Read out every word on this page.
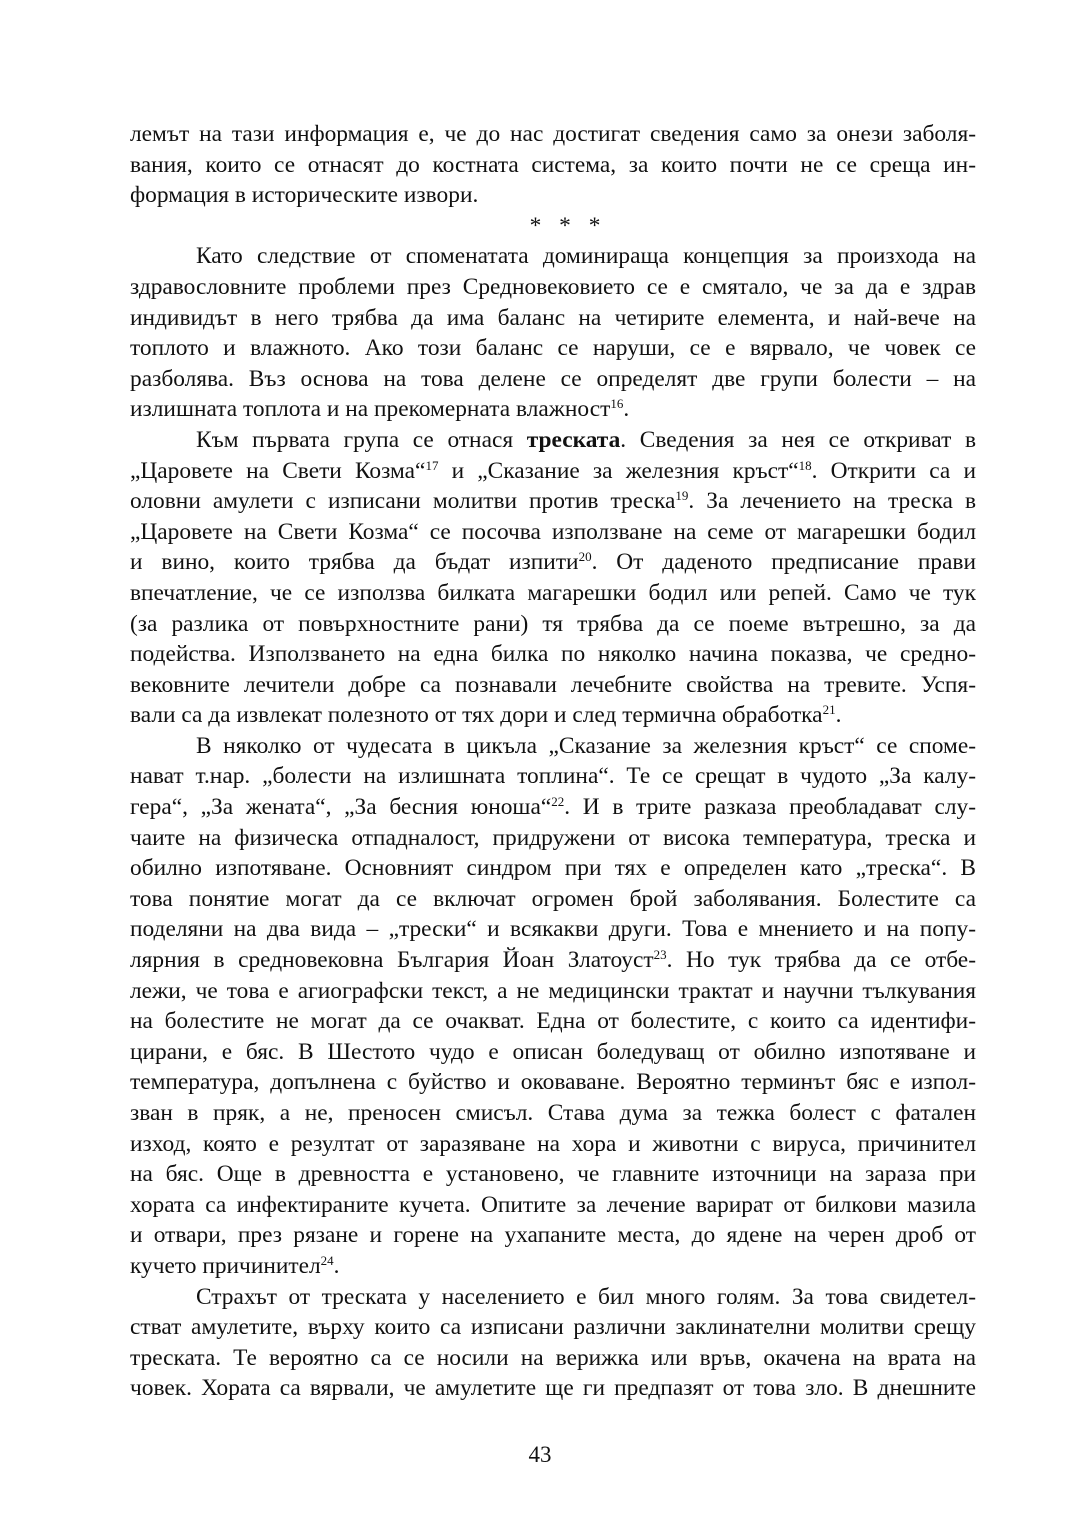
лемът на тази информация е, че до нас достигат сведения само за онези заболя-
вания, които се отнасят до костната система, за които почти не се среща ин-
формация в историческите извори.
* * *
Като следствие от споменатата доминираща концепция за произхода на
здравословните проблеми през Средновековието се е смятало, че за да е здрав
индивидът в него трябва да има баланс на четирите елемента, и най-вече на
топлото и влажното. Ако този баланс се наруши, се е вярвало, че човек се
разболява. Въз основа на това делене се определят две групи болести – на
излишната топлота и на прекомерната влажност$^{16}$.
Към първата група се отнася треската. Сведения за нея се откриват в
„Царовете на Свети Козма“$^{17}$ и „Сказание за железния кръст“$^{18}$. Открити са и
оловни амулети с изписани молитви против треска$^{19}$. За лечението на треска в
„Царовете на Свети Козма“ се посочва използване на семе от магарешки бодил
и вино, които трябва да бъдат изпити$^{20}$. От даденото предписание прави
впечатление, че се използва билката магарешки бодил или репей. Само че тук
(за разлика от повърхностните рани) тя трябва да се поеме вътрешно, за да
подейства. Използването на една билка по няколко начина показва, че средно-
вековните лечители добре са познавали лечебните свойства на тревите. Успя-
вали са да извлекат полезното от тях дори и след термична обработка$^{21}$.
В няколко от чудесата в цикъла „Сказание за железния кръст“ се споме-
нават т.нар. „болести на излишната топлина“. Те се срещат в чудото „За калу-
гера“, „За жената“, „За бесния юноша“$^{22}$. И в трите разказа преобладават слу-
чаите на физическа отпадналост, придружени от висока температура, треска и
обилно изпотяване. Основният синдром при тях е определен като „треска“. В
това понятие могат да се включат огромен брой заболявания. Болестите са
поделяни на два вида – „трески“ и всякакви други. Това е мнението и на попу-
лярния в средновековна България Йоан Златоуст$^{23}$. Но тук трябва да се отбе-
лежи, че това е агиографски текст, а не медицински трактат и научни тълкувания
на болестите не могат да се очакват. Една от болестите, с които са идентифи-
цирани, е бяс. В Шестото чудо е описан боледуващ от обилно изпотяване и
температура, допълнена с буйство и оковаване. Вероятно терминът бяс е изпол-
зван в пряк, а не, преносен смисъл. Става дума за тежка болест с фатален
изход, която е резултат от заразяване на хора и животни с вируса, причинител
на бяс. Още в древността е установено, че главните източници на зараза при
хората са инфектираните кучета. Опитите за лечение варират от билкови мазила
и отвари, през рязане и горене на ухапаните места, до ядене на черен дроб от
кучето причинител$^{24}$.
Страхът от треската у населението е бил много голям. За това свидетел-
стват амулетите, върху които са изписани различни заклинателни молитви срещу
треската. Те вероятно са се носили на верижка или връв, окачена на врата на
човек. Хората са вярвали, че амулетите ще ги предпазят от това зло. В днешните
43
